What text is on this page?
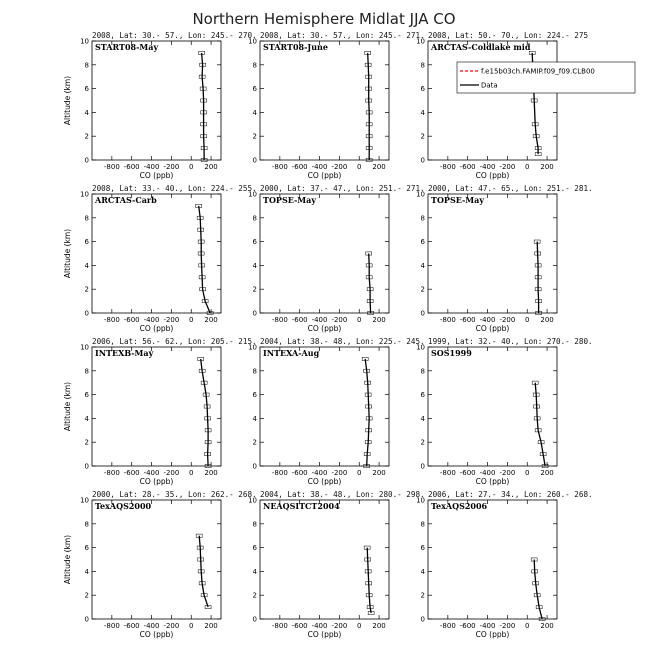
Northern Hemisphere Midlat JJA CO
2008, Lat: 30.- 57., Lon: 245.- 270.
START08-May
0
2
4
6
8
10
-800 -600 -400 -200 0 200
CO (ppb)
Altitude (km)
2008, Lat: 30.- 57., Lon: 245.- 271.
START08-June
0
2
4
6
8
10
-800 -600 -400 -200 0 200
CO (ppb)
2008, Lat: 50.- 70., Lon: 224.- 275
ARCTAS-Coldlake mid
0
2
4
6
8
10
-800 -600 -400 -200 0 200
CO (ppb)
f.e15b03ch.FAMIP.f09_f09.CLB00
Data
2008, Lat: 33.- 40., Lon: 224.- 255.
ARCTAS-Carb
0
2
4
6
8
10
-800 -600 -400 -200 0 200
CO (ppb)
Altitude (km)
2000, Lat: 37.- 47., Lon: 251.- 271.
TOPSE-May
0
2
4
6
8
10
-800 -600 -400 -200 0 200
CO (ppb)
2000, Lat: 47.- 65., Lon: 251.- 281.
TOPSE-May
0
2
4
6
8
10
-800 -600 -400 -200 0 200
CO (ppb)
2006, Lat: 56.- 62., Lon: 205.- 215.
INTEXB-May
0
2
4
6
8
10
-800 -600 -400 -200 0 200
CO (ppb)
Altitude (km)
2004, Lat: 38.- 48., Lon: 225.- 245.
INTEXA-Aug
0
2
4
6
8
10
-800 -600 -400 -200 0 200
CO (ppb)
1999, Lat: 32.- 40., Lon: 270.- 280.
SOS1999
0
2
4
6
8
10
-800 -600 -400 -200 0 200
CO (ppb)
2000, Lat: 28.- 35., Lon: 262.- 268.
TexAQS2000
0
2
4
6
8
10
-800 -600 -400 -200 0 200
CO (ppb)
Altitude (km)
2004, Lat: 38.- 48., Lon: 280.- 298.
NEAQSITCT2004
0
2
4
6
8
10
-800 -600 -400 -200 0 200
CO (ppb)
2006, Lat: 27.- 34., Lon: 260.- 268.
TexAQS2006
0
2
4
6
8
10
-800 -600 -400 -200 0 200
CO (ppb)
